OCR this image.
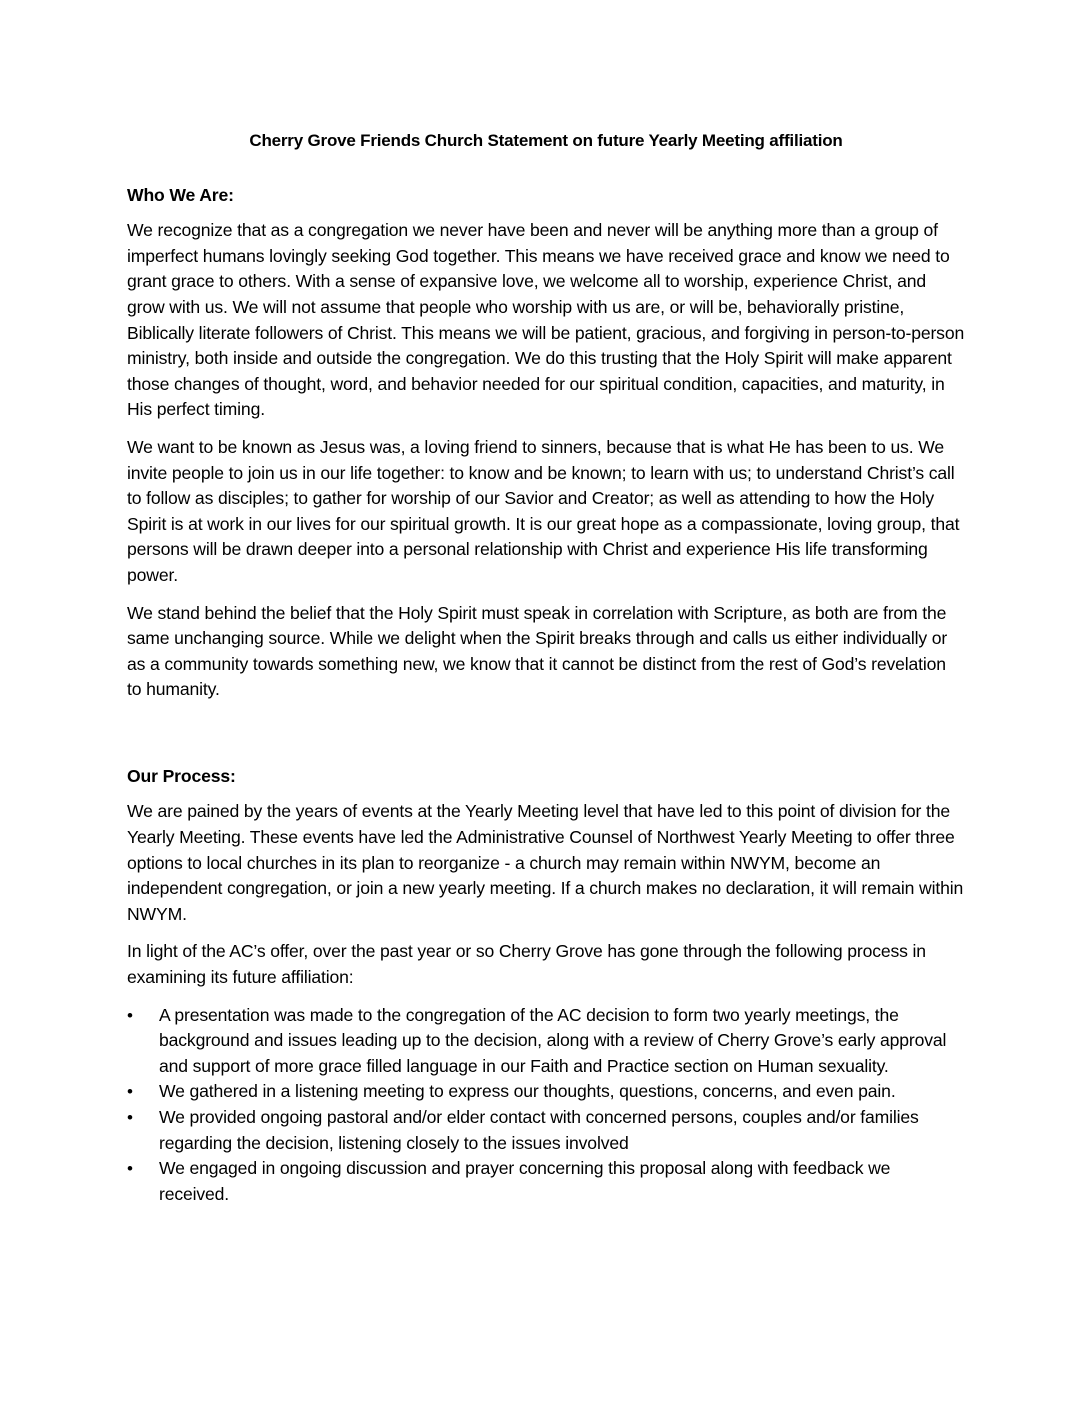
Cherry Grove Friends Church Statement on future Yearly Meeting affiliation

Who We Are:

We recognize that as a congregation we never have been and never will be anything more than a group of imperfect humans lovingly seeking God together. This means we have received grace and know we need to grant grace to others. With a sense of expansive love, we welcome all to worship, experience Christ, and grow with us. We will not assume that people who worship with us are, or will be, behaviorally pristine, Biblically literate followers of Christ. This means we will be patient, gracious, and forgiving in person-to-person ministry, both inside and outside the congregation. We do this trusting that the Holy Spirit will make apparent those changes of thought, word, and behavior needed for our spiritual condition, capacities, and maturity, in His perfect timing.

We want to be known as Jesus was, a loving friend to sinners, because that is what He has been to us. We invite people to join us in our life together: to know and be known; to learn with us; to understand Christ’s call to follow as disciples; to gather for worship of our Savior and Creator; as well as attending to how the Holy Spirit is at work in our lives for our spiritual growth. It is our great hope as a compassionate, loving group, that persons will be drawn deeper into a personal relationship with Christ and experience His life transforming power.

We stand behind the belief that the Holy Spirit must speak in correlation with Scripture, as both are from the same unchanging source. While we delight when the Spirit breaks through and calls us either individually or as a community towards something new, we know that it cannot be distinct from the rest of God’s revelation to humanity.

Our Process:

We are pained by the years of events at the Yearly Meeting level that have led to this point of division for the Yearly Meeting. These events have led the Administrative Counsel of Northwest Yearly Meeting to offer three options to local churches in its plan to reorganize - a church may remain within NWYM, become an independent congregation, or join a new yearly meeting. If a church makes no declaration, it will remain within NWYM.

In light of the AC’s offer, over the past year or so Cherry Grove has gone through the following process in examining its future affiliation:

•	A presentation was made to the congregation of the AC decision to form two yearly meetings, the background and issues leading up to the decision, along with a review of Cherry Grove’s early approval and support of more grace filled language in our Faith and Practice section on Human sexuality.
•	We gathered in a listening meeting to express our thoughts, questions, concerns, and even pain.
•	We provided ongoing pastoral and/or elder contact with concerned persons, couples and/or families regarding the decision, listening closely to the issues involved
•	We engaged in ongoing discussion and prayer concerning this proposal along with feedback we received.
